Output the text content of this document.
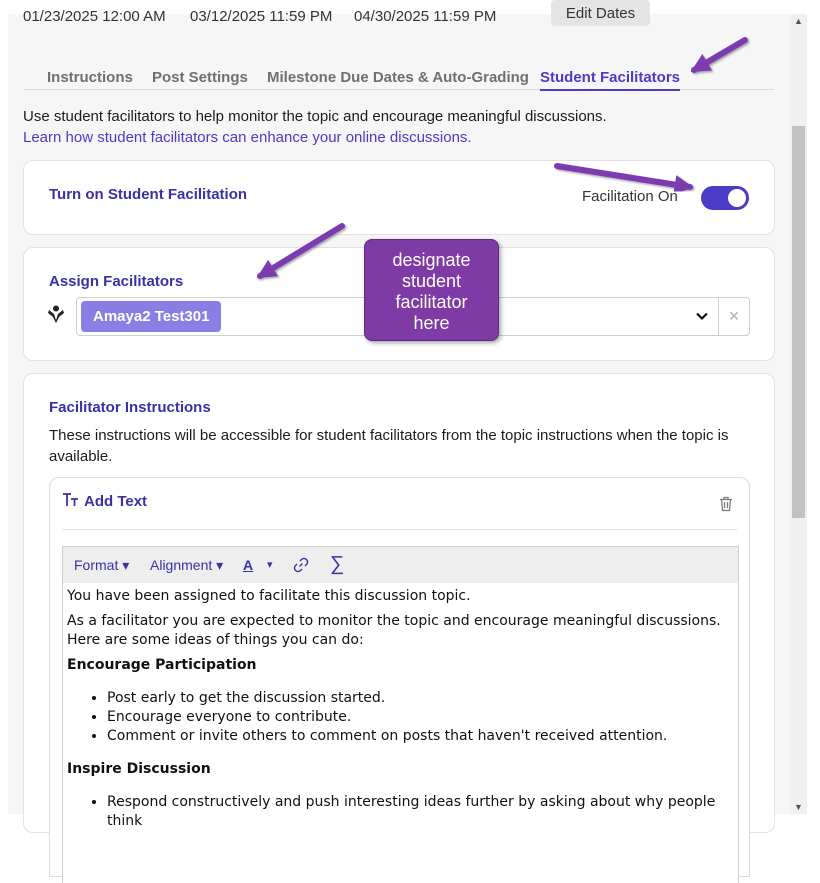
01/23/2025 12:00 AM 03/12/2025 11:59 PM 04/30/2025 11:59 PM	Edit Dates
Instructions Post Settings Milestone Due Dates & Auto-Grading Student Facilitators

Use student facilitators to help monitor the topic and encourage meaningful discussions.

Learn how student facilitators can enhance your online discussions.

Turn on Student Facilitation	Facilitation On
Assign Facilitators
Amaya2 Test301	×
Facilitator Instructions

These instructions will be accessible for student facilitators from the topic instructions when the topic is available.

Add Text
Format ▾ Alignment ▾ A ▾	∑

You have been assigned to facilitate this discussion topic.

As a facilitator you are expected to monitor the topic and encourage meaningful discussions. Here are some ideas of things you can do:

Encourage Participation
• Post early to get the discussion started.
• Encourage everyone to contribute.
• Comment or invite others to comment on posts that haven't received attention.
Inspire Discussion
• Respond constructively and push interesting ideas further by asking about why people think
designate
student
facilitator
here
▲
▼
